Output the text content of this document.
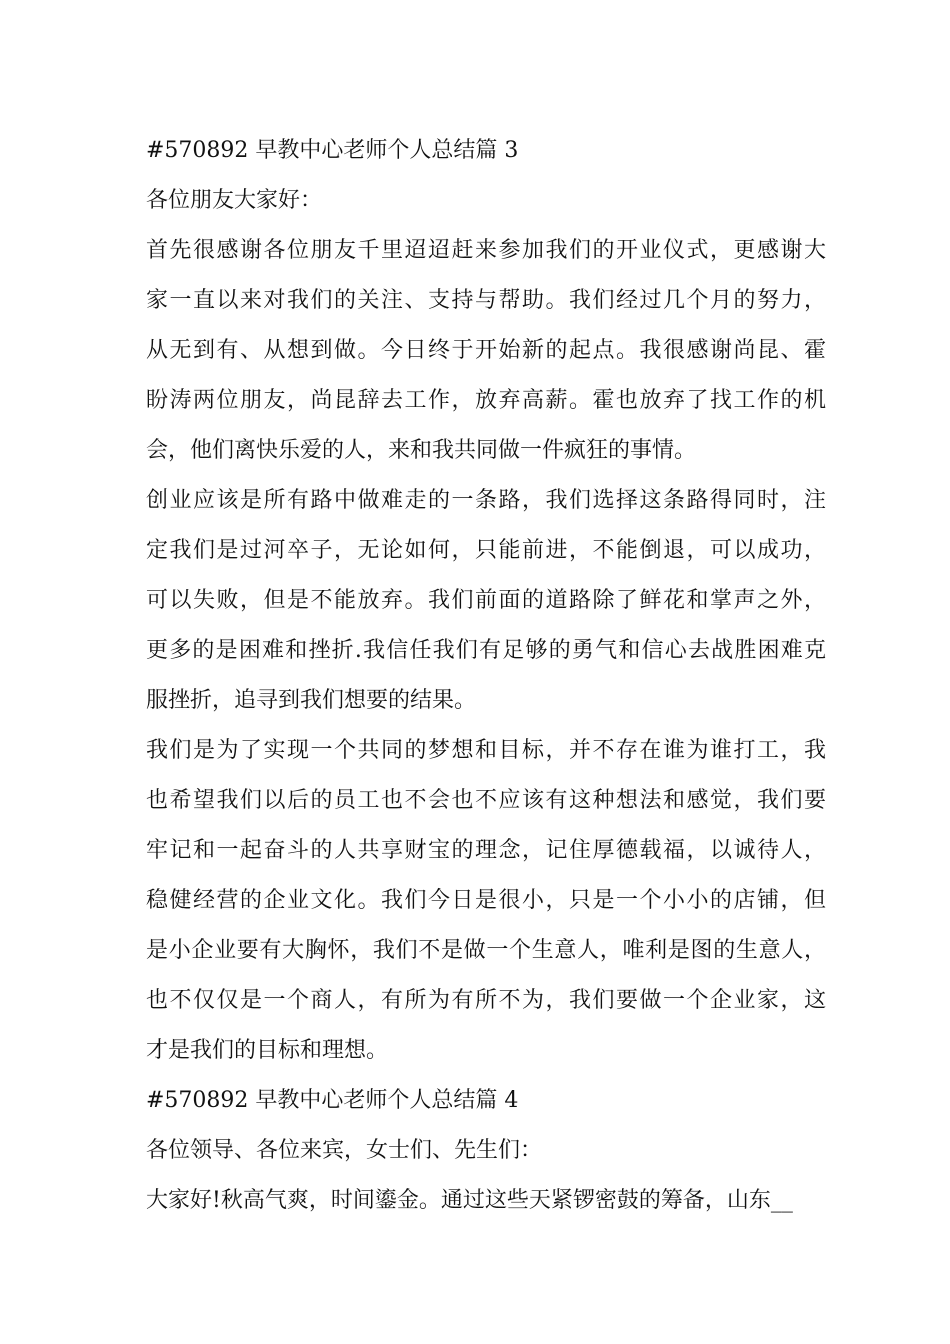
#570892 早教中心老师个人总结篇 3
各位朋友大家好：
首先很感谢各位朋友千里迢迢赶来参加我们的开业仪式，更感谢大
家一直以来对我们的关注、支持与帮助。我们经过几个月的努力，
从无到有、从想到做。今日终于开始新的起点。我很感谢尚昆、霍
盼涛两位朋友，尚昆辞去工作，放弃高薪。霍也放弃了找工作的机
会，他们离快乐爱的人，来和我共同做一件疯狂的事情。
创业应该是所有路中做难走的一条路，我们选择这条路得同时，注
定我们是过河卒子，无论如何，只能前进，不能倒退，可以成功，
可以失败，但是不能放弃。我们前面的道路除了鲜花和掌声之外，
更多的是困难和挫折.我信任我们有足够的勇气和信心去战胜困难克
服挫折，追寻到我们想要的结果。
我们是为了实现一个共同的梦想和目标，并不存在谁为谁打工，我
也希望我们以后的员工也不会也不应该有这种想法和感觉，我们要
牢记和一起奋斗的人共享财宝的理念，记住厚德载福，以诚待人，
稳健经营的企业文化。我们今日是很小，只是一个小小的店铺，但
是小企业要有大胸怀，我们不是做一个生意人，唯利是图的生意人，
也不仅仅是一个商人，有所为有所不为，我们要做一个企业家，这
才是我们的目标和理想。
#570892 早教中心老师个人总结篇 4
各位领导、各位来宾，女士们、先生们：
大家好!秋高气爽，时间鎏金。通过这些天紧锣密鼓的筹备，山东__
